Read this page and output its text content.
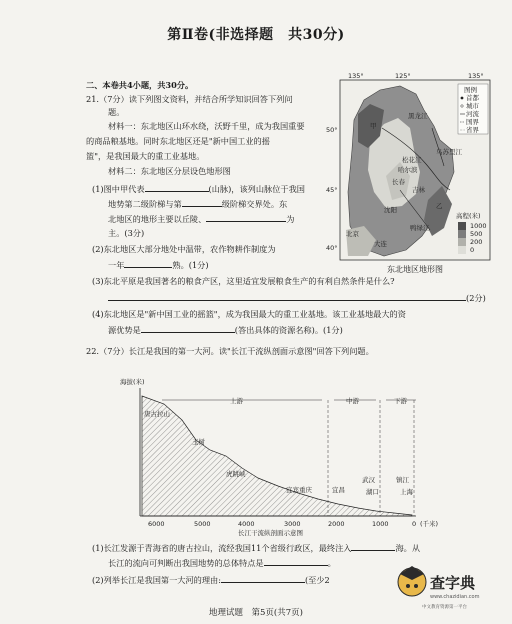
第Ⅱ卷(非选择题　共30分)
二、本卷共4小题，共30分。
21.（7分）读下列图文资料，并结合所学知识回答下列问
题。
材料一：东北地区山环水绕，沃野千里，成为我国重要
的商品粮基地。同时东北地区还是"新中国工业的摇
篮"，是我国最大的重工业基地。
材料二：东北地区分层设色地形图
(1)图中甲代表	(山脉)，该列山脉位于我国
地势第二级阶梯与第	级阶梯交界处。东
北地区的地形主要以丘陵、	为
主。(3分)
(2)东北地区大部分地处中温带，农作物耕作制度为
一年	熟。(1分)
(3)东北平原是我国著名的粮食产区，这里适宜发展粮食生产的有利自然条件是什么?
(2分)
(4)东北地区是"新中国工业的摇篮"，成为我国最大的重工业基地。该工业基地最大的资
源优势是	(答出具体的资源名称)。(1分)
135°	125°	135°
50°
45°
40°
甲
乙
黑龙江
松花江
乌苏里江
吉林
长春
哈尔滨
沈阳
鸭绿江
大连
北京
图例
首都
城市
河流
国界
省界
高程(米)
1000
500
200
0
东北地区地形图
22.（7分）长江是我国的第一大河。读"长江干流纵剖面示意图"回答下列问题。
海拔(米)
上游	中游	下游
唐古拉山
玉树
虎跳峡
宜宾重庆	宜昌
武汉
湖口
镇江
上海
6000	5000	4000	3000	2000	1000	0 (千米)
长江干流纵剖面示意图
(1)长江发源于青海省的唐古拉山，流经我国11个省级行政区，最终注入	海。从
长江的流向可判断出我国地势的总体特点是	。
(2)列举长江是我国第一大河的理由:	(至少2	查字典
www.chazidian.com
中文教育资源第一平台
地理试题　第5页(共7页)
